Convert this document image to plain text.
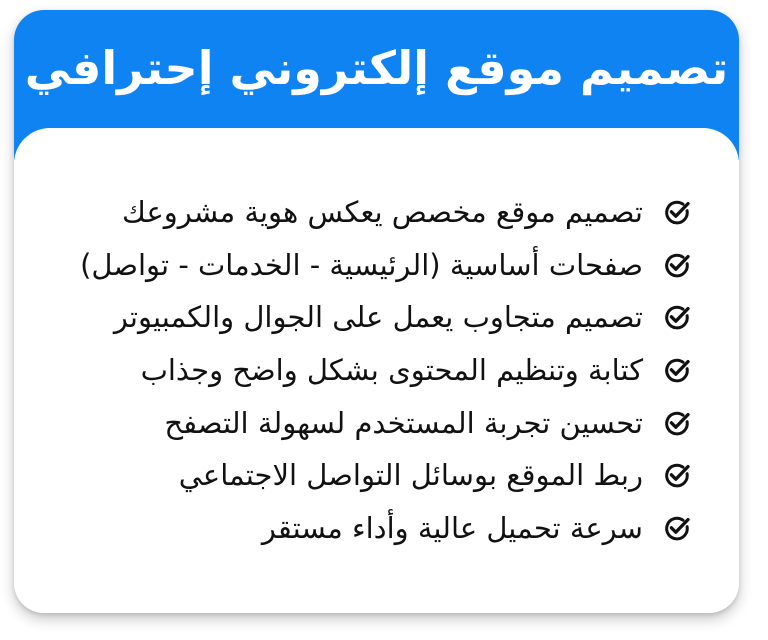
تصميم موقع إلكتروني إحترافي
تصميم موقع مخصص يعكس هوية مشروعك
صفحات أساسية (الرئيسية - الخدمات - تواصل)
تصميم متجاوب يعمل على الجوال والكمبيوتر
كتابة وتنظيم المحتوى بشكل واضح وجذاب
تحسين تجربة المستخدم لسهولة التصفح
ربط الموقع بوسائل التواصل الاجتماعي
سرعة تحميل عالية وأداء مستقر
